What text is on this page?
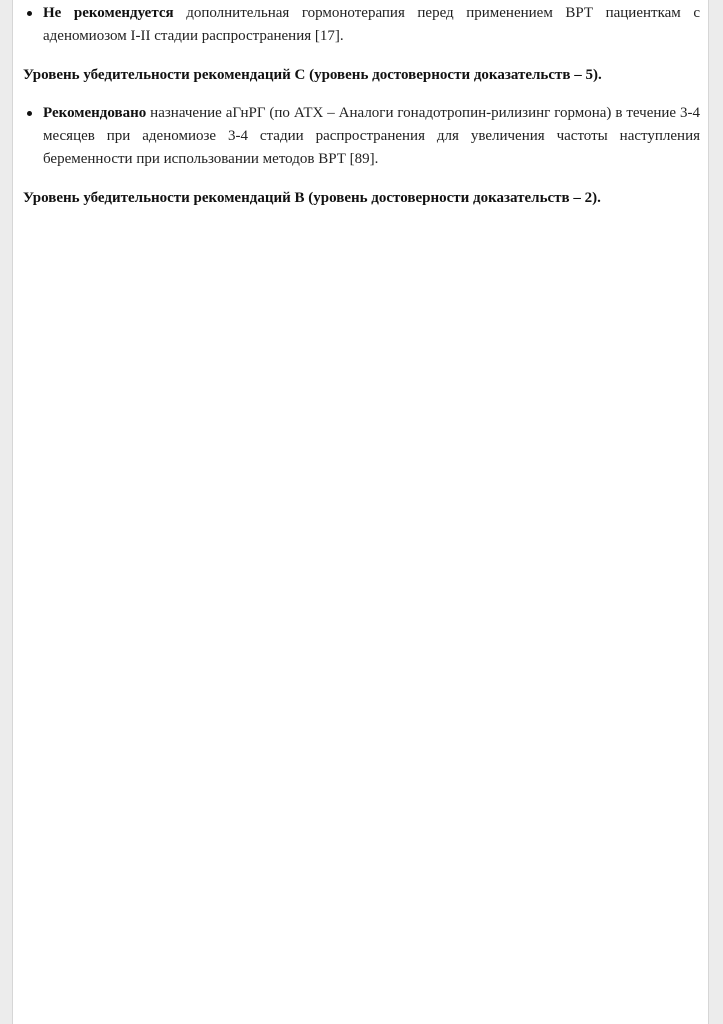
Не рекомендуется дополнительная гормонотерапия перед применением ВРТ пациенткам с аденомиозом I-II стадии распространения [17].
Уровень убедительности рекомендаций C (уровень достоверности доказательств – 5).
Рекомендовано назначение аГнРГ (по АТХ – Аналоги гонадотропин-рилизинг гормона) в течение 3-4 месяцев при аденомиозе 3-4 стадии распространения для увеличения частоты наступления беременности при использовании методов ВРТ [89].
Уровень убедительности рекомендаций B (уровень достоверности доказательств – 2).
